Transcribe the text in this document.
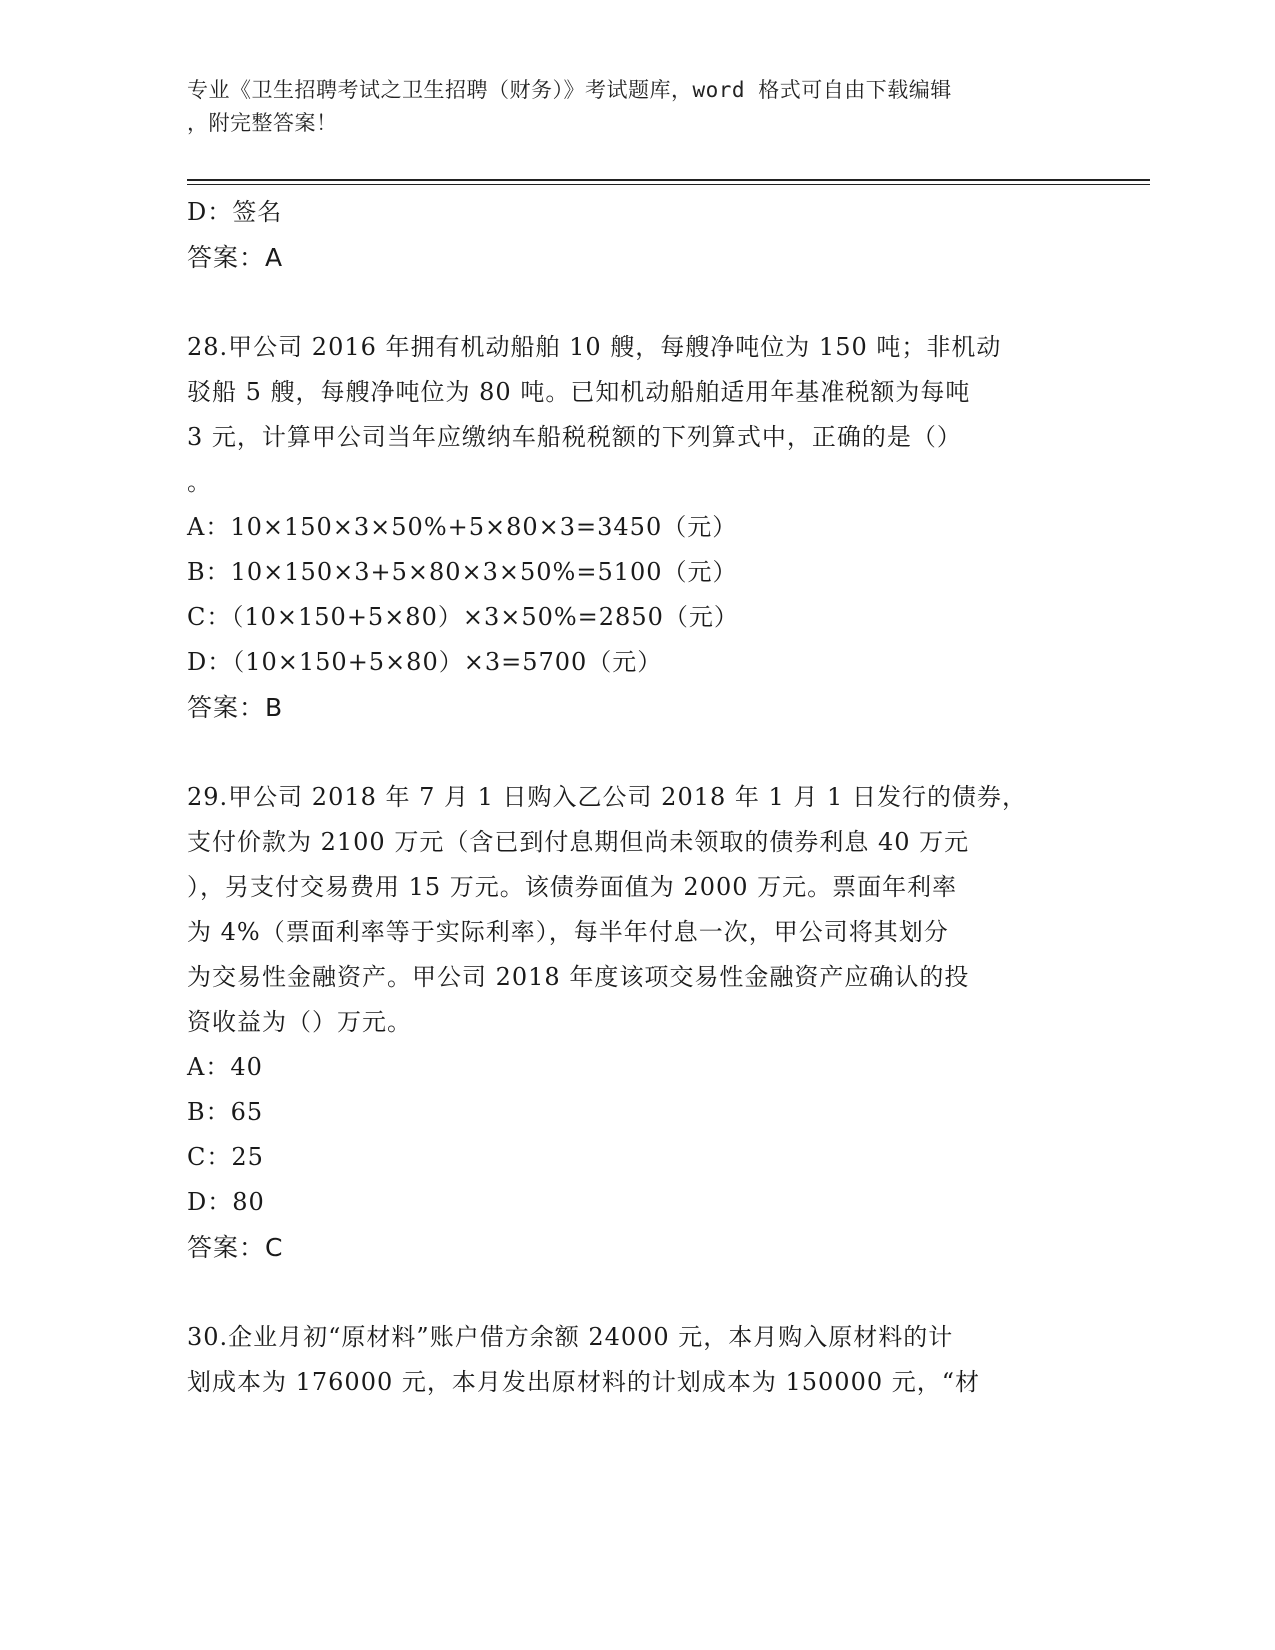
专业《卫生招聘考试之卫生招聘（财务）》考试题库，word 格式可自由下载编辑
，附完整答案！
D：签名
答案：A
28.甲公司 2016 年拥有机动船舶 10 艘，每艘净吨位为 150 吨；非机动
驳船 5 艘，每艘净吨位为 80 吨。已知机动船舶适用年基准税额为每吨
3 元，计算甲公司当年应缴纳车船税税额的下列算式中，正确的是（）
。
A：10×150×3×50%+5×80×3=3450（元）
B：10×150×3+5×80×3×50%=5100（元）
C：（10×150+5×80）×3×50%=2850（元）
D：（10×150+5×80）×3=5700（元）
答案：B
29.甲公司 2018 年 7 月 1 日购入乙公司 2018 年 1 月 1 日发行的债券，
支付价款为 2100 万元（含已到付息期但尚未领取的债券利息 40 万元
），另支付交易费用 15 万元。该债券面值为 2000 万元。票面年利率
为 4%（票面利率等于实际利率），每半年付息一次，甲公司将其划分
为交易性金融资产。甲公司 2018 年度该项交易性金融资产应确认的投
资收益为（）万元。
A：40
B：65
C：25
D：80
答案：C
30.企业月初“原材料”账户借方余额 24000 元，本月购入原材料的计
划成本为 176000 元，本月发出原材料的计划成本为 150000 元，“材
